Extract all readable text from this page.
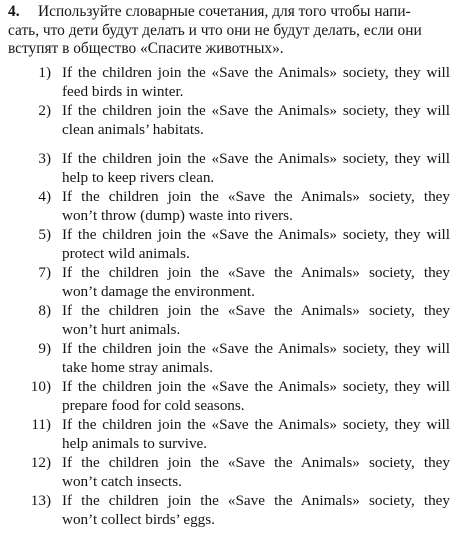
4. Используйте словарные сочетания, для того чтобы напи-
сать, что дети будут делать и что они не будут делать, если они
вступят в общество «Спасите животных».
1) If the children join the «Save the Animals» society, they will
feed birds in winter.
2) If the children join the «Save the Animals» society, they will
clean animals’ habitats.
3) If the children join the «Save the Animals» society, they will
help to keep rivers clean.
4) If the children join the «Save the Animals» society, they
won’t throw (dump) waste into rivers.
5) If the children join the «Save the Animals» society, they will
protect wild animals.
7) If the children join the «Save the Animals» society, they
won’t damage the environment.
8) If the children join the «Save the Animals» society, they
won’t hurt animals.
9) If the children join the «Save the Animals» society, they will
take home stray animals.
10) If the children join the «Save the Animals» society, they will
prepare food for cold seasons.
11) If the children join the «Save the Animals» society, they will
help animals to survive.
12) If the children join the «Save the Animals» society, they
won’t catch insects.
13) If the children join the «Save the Animals» society, they
won’t collect birds’ eggs.
